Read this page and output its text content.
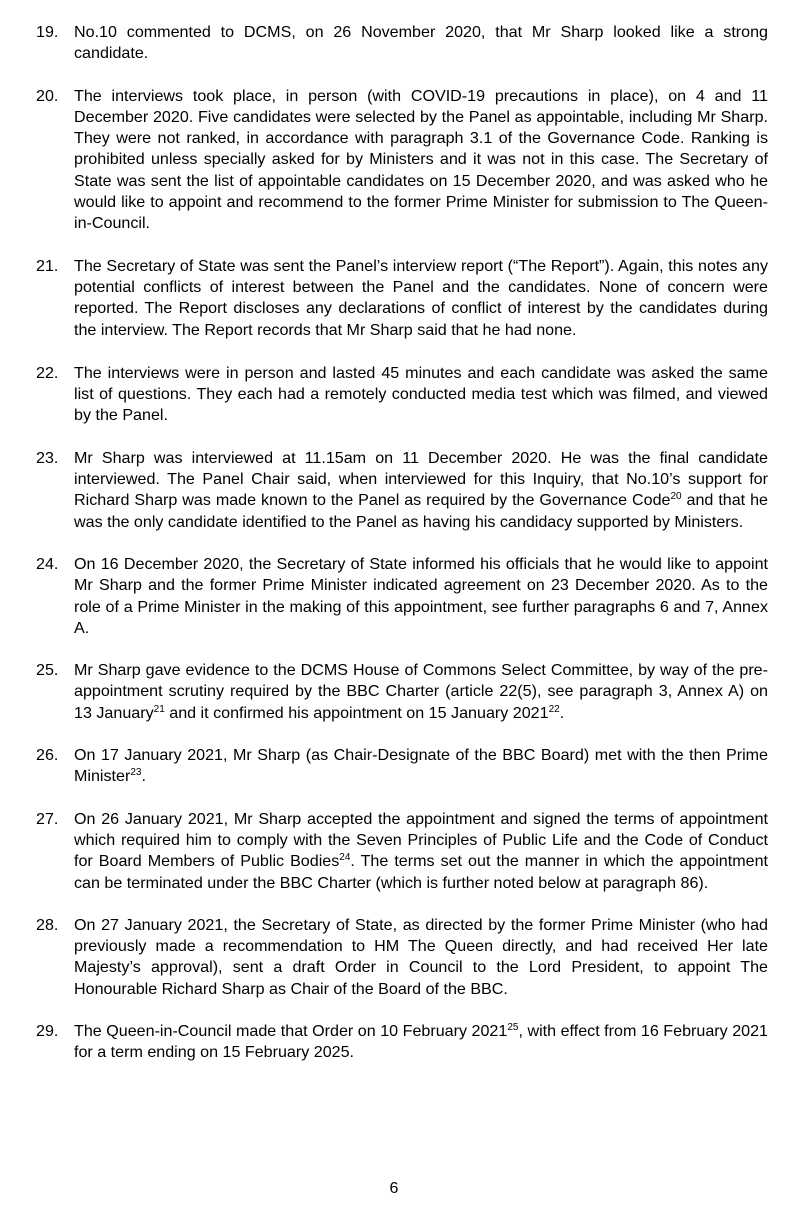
19. No.10 commented to DCMS, on 26 November 2020, that Mr Sharp looked like a strong candidate.
20. The interviews took place, in person (with COVID-19 precautions in place), on 4 and 11 December 2020. Five candidates were selected by the Panel as appointable, including Mr Sharp. They were not ranked, in accordance with paragraph 3.1 of the Governance Code. Ranking is prohibited unless specially asked for by Ministers and it was not in this case. The Secretary of State was sent the list of appointable candidates on 15 December 2020, and was asked who he would like to appoint and recommend to the former Prime Minister for submission to The Queen-in-Council.
21. The Secretary of State was sent the Panel’s interview report (“The Report”). Again, this notes any potential conflicts of interest between the Panel and the candidates. None of concern were reported. The Report discloses any declarations of conflict of interest by the candidates during the interview. The Report records that Mr Sharp said that he had none.
22. The interviews were in person and lasted 45 minutes and each candidate was asked the same list of questions. They each had a remotely conducted media test which was filmed, and viewed by the Panel.
23. Mr Sharp was interviewed at 11.15am on 11 December 2020. He was the final candidate interviewed. The Panel Chair said, when interviewed for this Inquiry, that No.10’s support for Richard Sharp was made known to the Panel as required by the Governance Code$^{20}$ and that he was the only candidate identified to the Panel as having his candidacy supported by Ministers.
24. On 16 December 2020, the Secretary of State informed his officials that he would like to appoint Mr Sharp and the former Prime Minister indicated agreement on 23 December 2020. As to the role of a Prime Minister in the making of this appointment, see further paragraphs 6 and 7, Annex A.
25. Mr Sharp gave evidence to the DCMS House of Commons Select Committee, by way of the pre-appointment scrutiny required by the BBC Charter (article 22(5), see paragraph 3, Annex A) on 13 January$^{21}$ and it confirmed his appointment on 15 January 2021$^{22}$.
26. On 17 January 2021, Mr Sharp (as Chair-Designate of the BBC Board) met with the then Prime Minister$^{23}$.
27. On 26 January 2021, Mr Sharp accepted the appointment and signed the terms of appointment which required him to comply with the Seven Principles of Public Life and the Code of Conduct for Board Members of Public Bodies$^{24}$. The terms set out the manner in which the appointment can be terminated under the BBC Charter (which is further noted below at paragraph 86).
28. On 27 January 2021, the Secretary of State, as directed by the former Prime Minister (who had previously made a recommendation to HM The Queen directly, and had received Her late Majesty’s approval), sent a draft Order in Council to the Lord President, to appoint The Honourable Richard Sharp as Chair of the Board of the BBC.
29. The Queen-in-Council made that Order on 10 February 2021$^{25}$, with effect from 16 February 2021 for a term ending on 15 February 2025.
6
